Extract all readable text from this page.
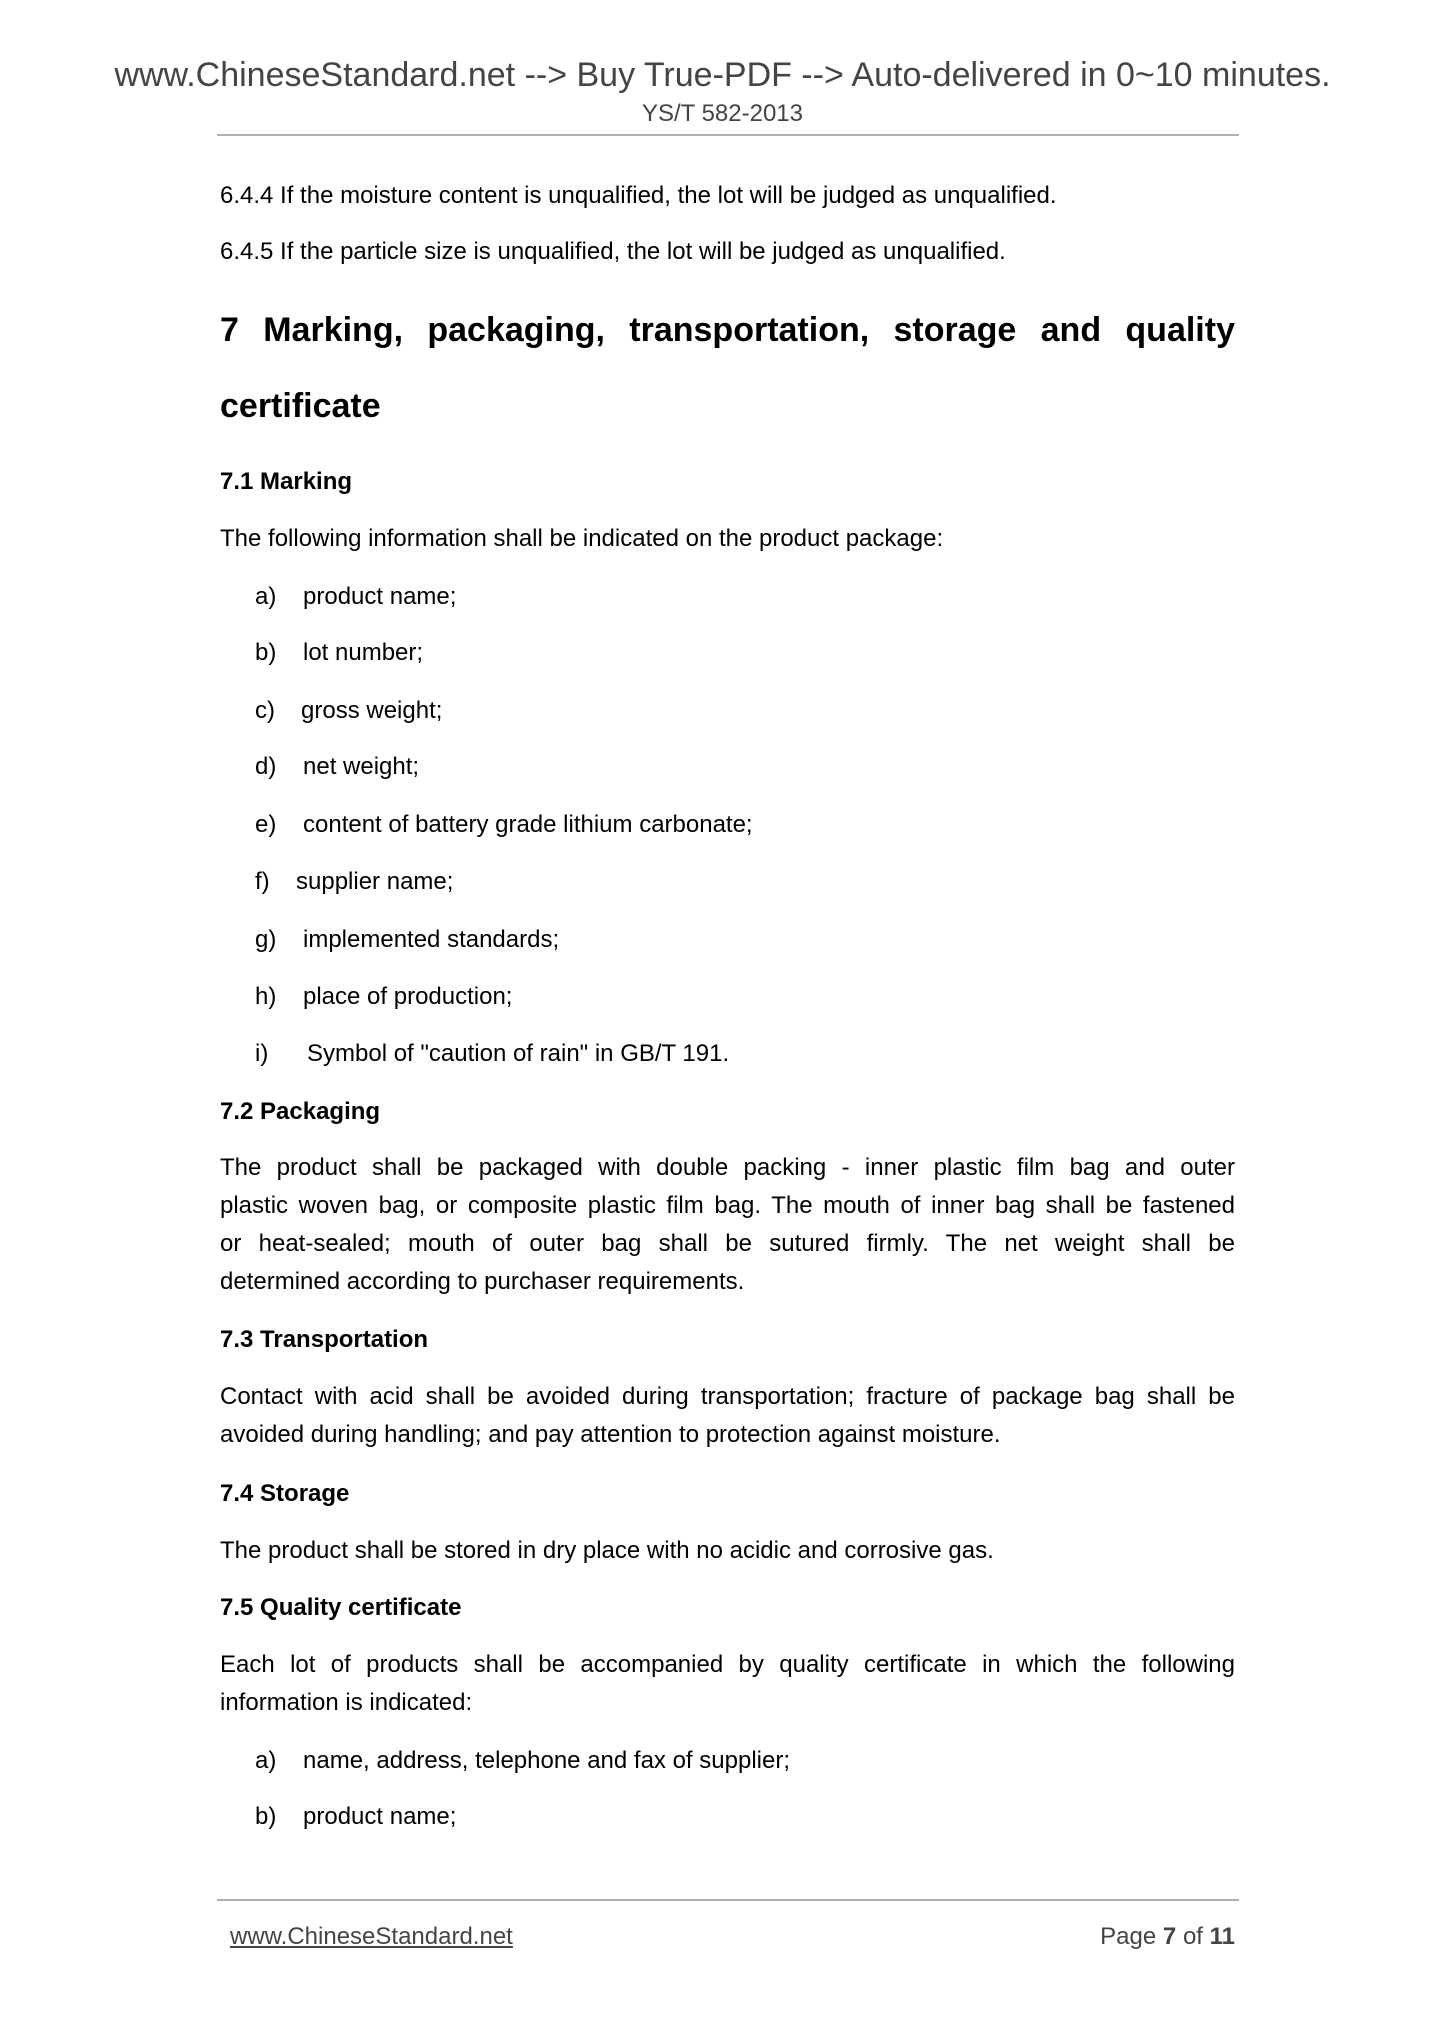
www.ChineseStandard.net --> Buy True-PDF --> Auto-delivered in 0~10 minutes.
YS/T 582-2013
6.4.4 If the moisture content is unqualified, the lot will be judged as unqualified.
6.4.5 If the particle size is unqualified, the lot will be judged as unqualified.
7 Marking, packaging, transportation, storage and quality
certificate
7.1 Marking
The following information shall be indicated on the product package:
a) product name;
b) lot number;
c) gross weight;
d) net weight;
e) content of battery grade lithium carbonate;
f) supplier name;
g) implemented standards;
h) place of production;
i) Symbol of "caution of rain" in GB/T 191.
7.2 Packaging
The product shall be packaged with double packing - inner plastic film bag and outer
plastic woven bag, or composite plastic film bag. The mouth of inner bag shall be fastened
or heat-sealed; mouth of outer bag shall be sutured firmly. The net weight shall be
determined according to purchaser requirements.
7.3 Transportation
Contact with acid shall be avoided during transportation; fracture of package bag shall be
avoided during handling; and pay attention to protection against moisture.
7.4 Storage
The product shall be stored in dry place with no acidic and corrosive gas.
7.5 Quality certificate
Each lot of products shall be accompanied by quality certificate in which the following
information is indicated:
a) name, address, telephone and fax of supplier;
b) product name;
www.ChineseStandard.net	Page 7 of 11
